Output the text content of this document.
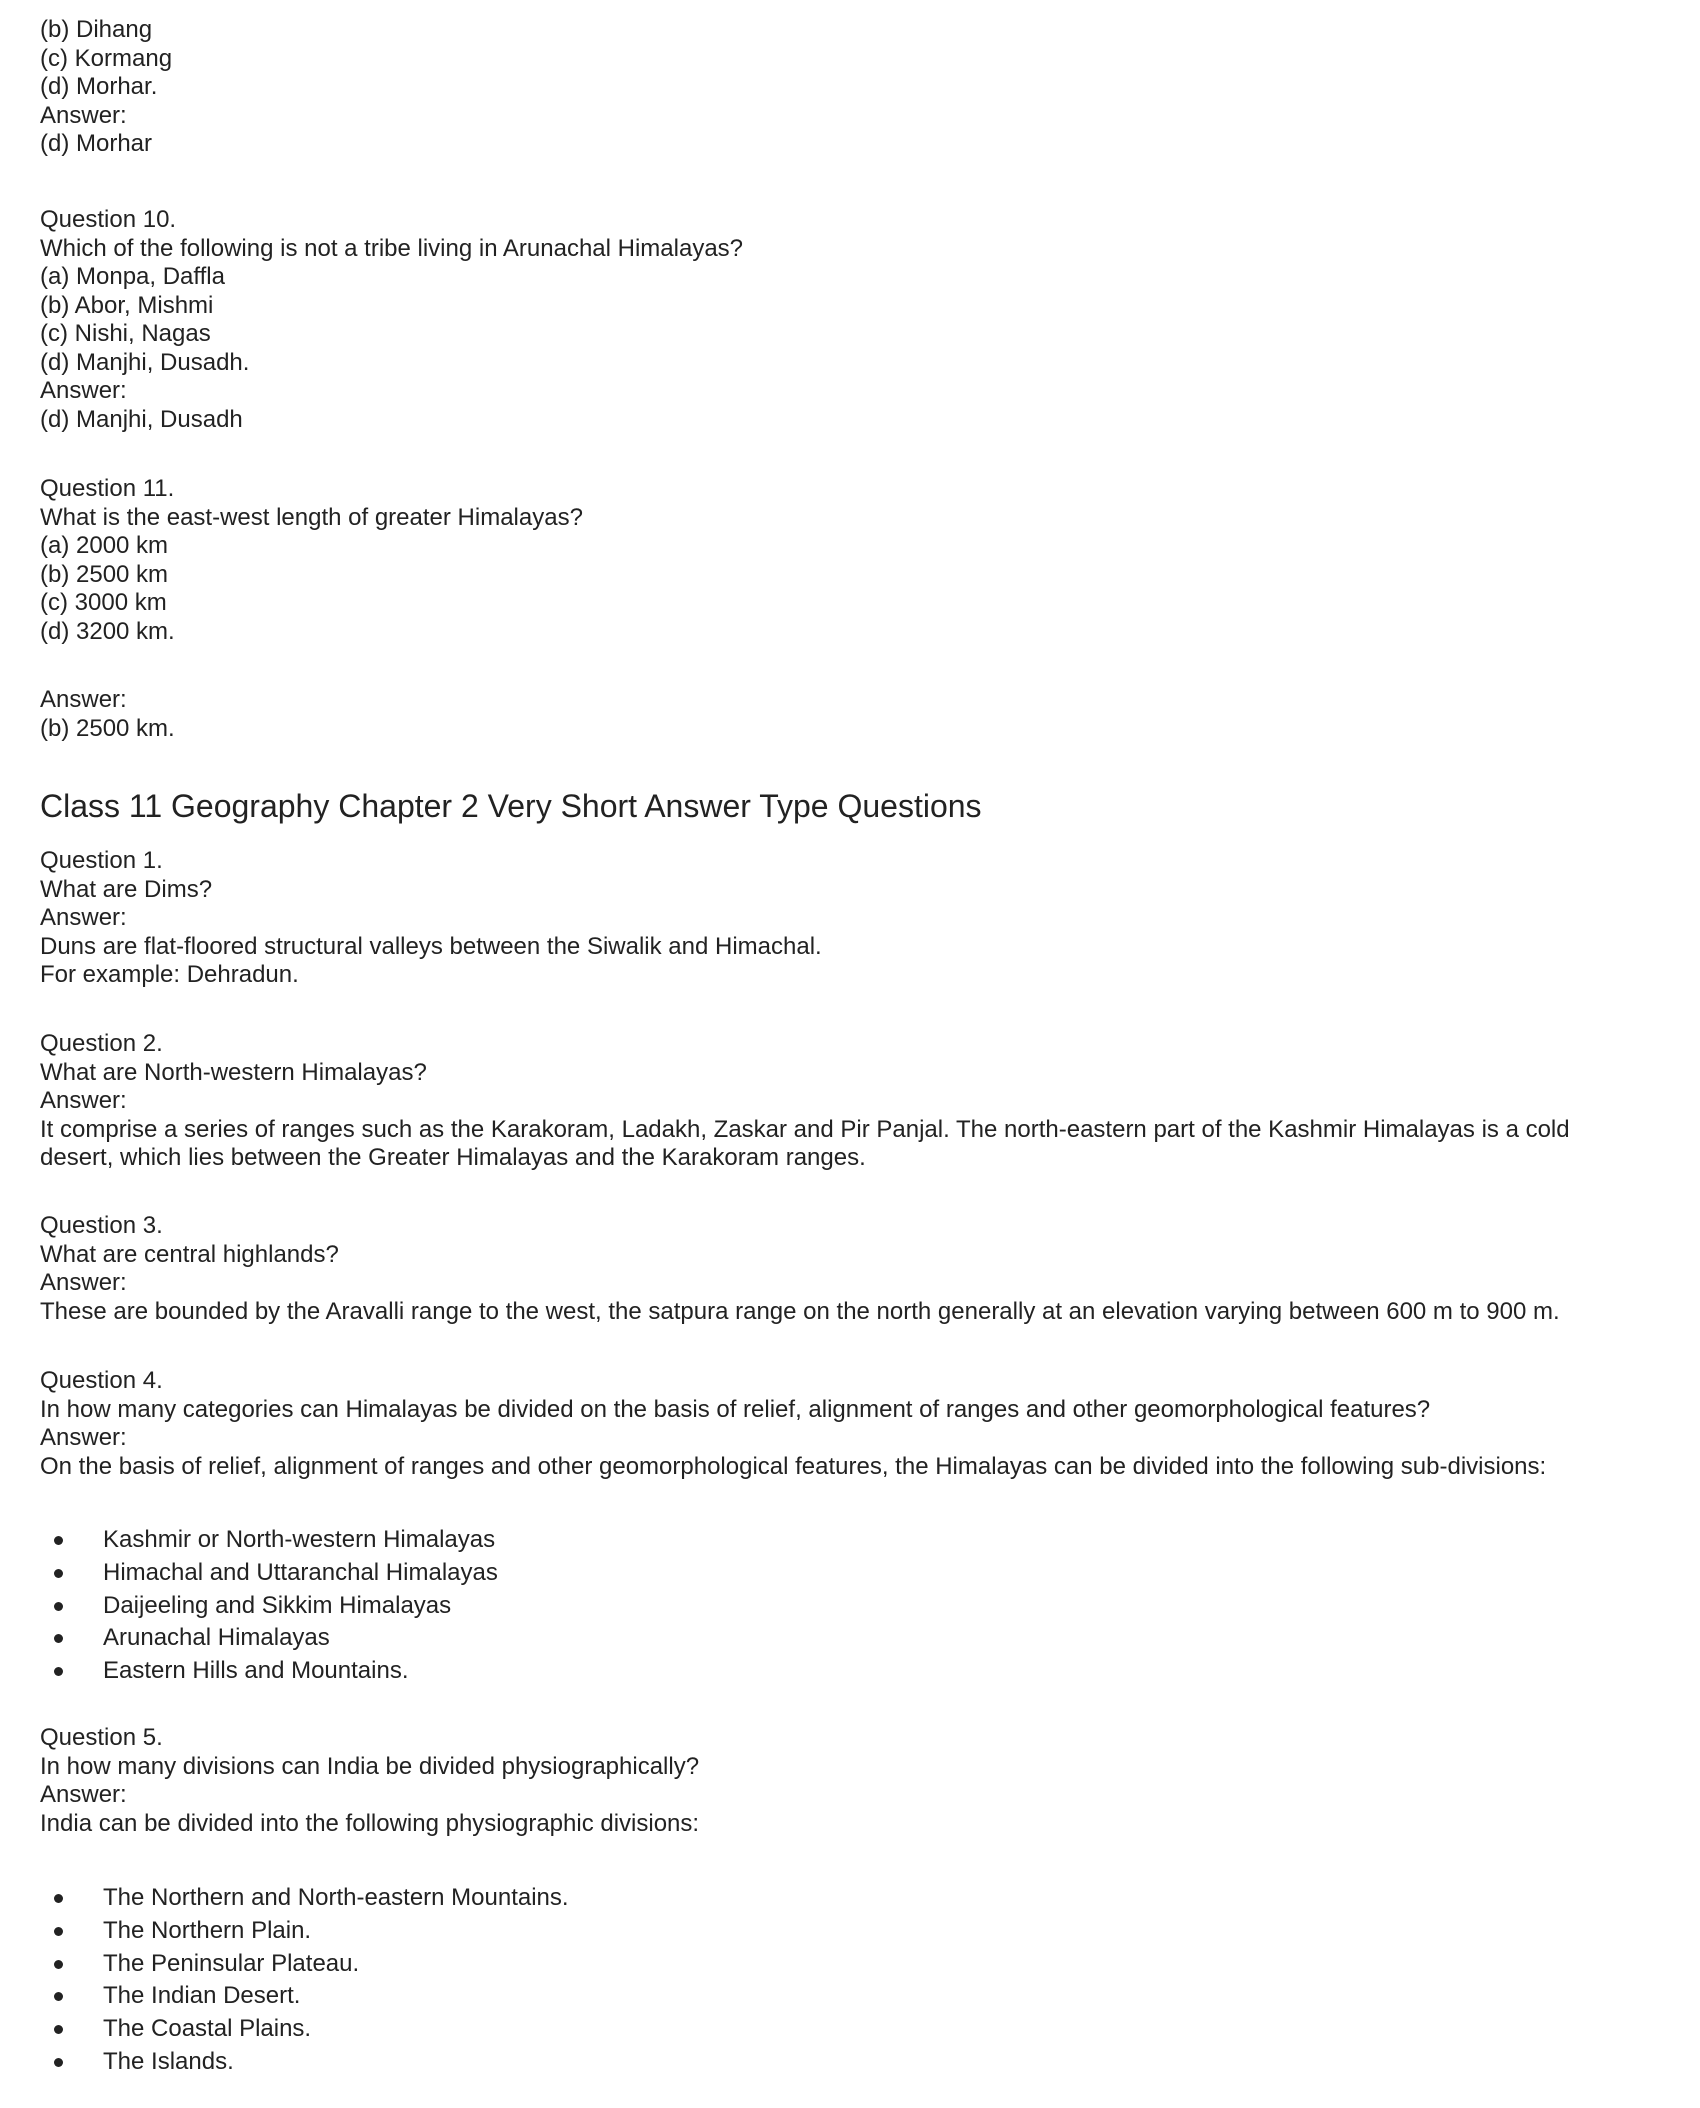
(b) Dihang
(c) Kormang
(d) Morhar.
Answer:
(d) Morhar
Question 10.
Which of the following is not a tribe living in Arunachal Himalayas?
(a) Monpa, Daffla
(b) Abor, Mishmi
(c) Nishi, Nagas
(d) Manjhi, Dusadh.
Answer:
(d) Manjhi, Dusadh
Question 11.
What is the east-west length of greater Himalayas?
(a) 2000 km
(b) 2500 km
(c) 3000 km
(d) 3200 km.
Answer:
(b) 2500 km.
Class 11 Geography Chapter 2 Very Short Answer Type Questions
Question 1.
What are Dims?
Answer:
Duns are flat-floored structural valleys between the Siwalik and Himachal.
For example: Dehradun.
Question 2.
What are North-western Himalayas?
Answer:
It comprise a series of ranges such as the Karakoram, Ladakh, Zaskar and Pir Panjal. The north-eastern part of the Kashmir Himalayas is a cold desert, which lies between the Greater Himalayas and the Karakoram ranges.
Question 3.
What are central highlands?
Answer:
These are bounded by the Aravalli range to the west, the satpura range on the north generally at an elevation varying between 600 m to 900 m.
Question 4.
In how many categories can Himalayas be divided on the basis of relief, alignment of ranges and other geomorphological features?
Answer:
On the basis of relief, alignment of ranges and other geomorphological features, the Himalayas can be divided into the following sub-divisions:
Kashmir or North-western Himalayas
Himachal and Uttaranchal Himalayas
Daijeeling and Sikkim Himalayas
Arunachal Himalayas
Eastern Hills and Mountains.
Question 5.
In how many divisions can India be divided physiographically?
Answer:
India can be divided into the following physiographic divisions:
The Northern and North-eastern Mountains.
The Northern Plain.
The Peninsular Plateau.
The Indian Desert.
The Coastal Plains.
The Islands.
